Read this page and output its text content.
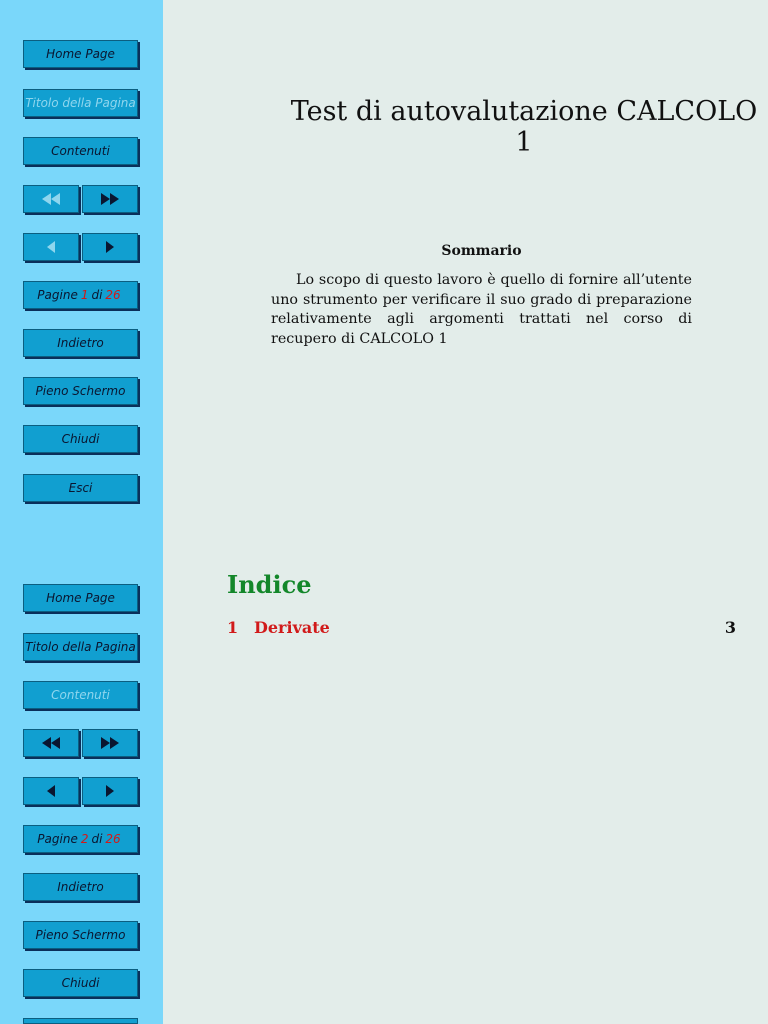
Home Page
Titolo della Pagina
Contenuti
Pagine 1 di 26
Indietro
Pieno Schermo
Chiudi
Esci
Home Page
Titolo della Pagina
Contenuti
Pagine 2 di 26
Indietro
Pieno Schermo
Chiudi
Test di autovalutazione CALCOLO 1
Sommario
Lo scopo di questo lavoro è quello di fornire all’utente uno strumento per verificare il suo grado di preparazione relativamente agli argomenti trattati nel corso di recupero di CALCOLO 1
Indice
1 Derivate	3
